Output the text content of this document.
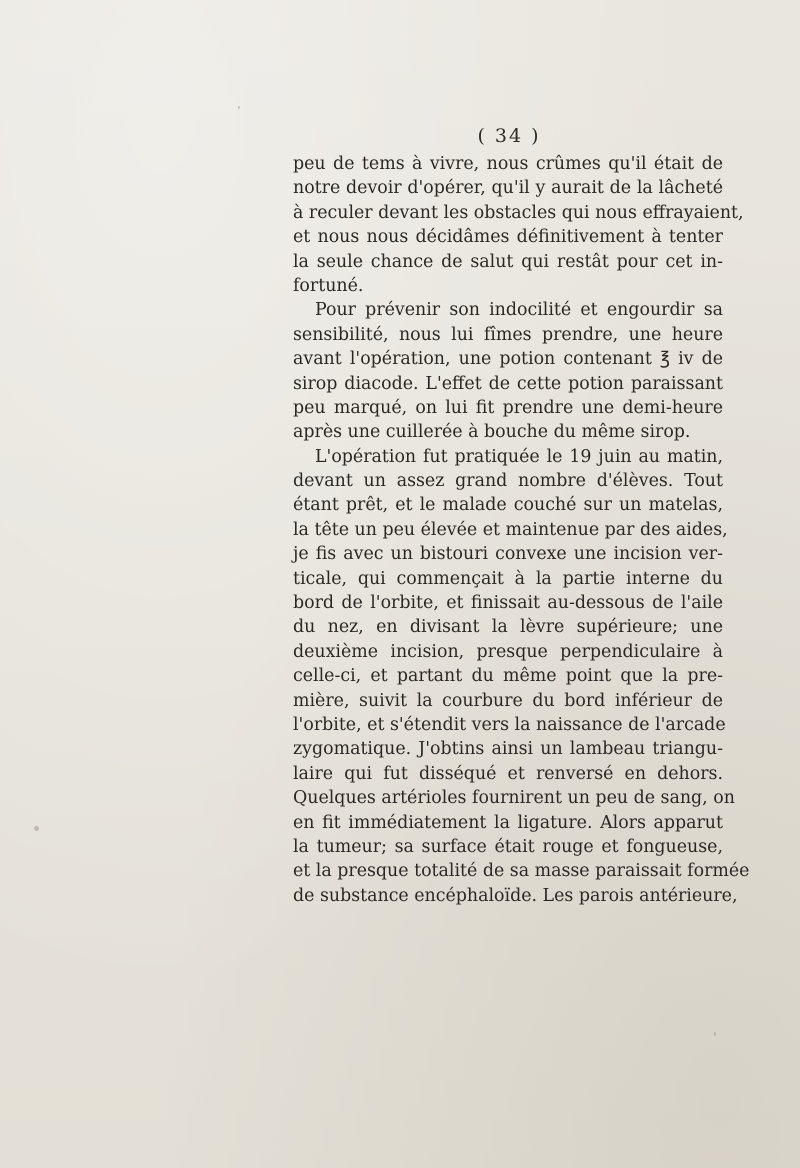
( 34 )
peu de tems à vivre, nous crûmes qu'il était de
notre devoir d'opérer, qu'il y aurait de la lâcheté
à reculer devant les obstacles qui nous effrayaient,
et nous nous décidâmes définitivement à tenter
la seule chance de salut qui restât pour cet in-
fortuné.
Pour prévenir son indocilité et engourdir sa
sensibilité, nous lui fîmes prendre, une heure
avant l'opération, une potion contenant ℥ iv de
sirop diacode. L'effet de cette potion paraissant
peu marqué, on lui fit prendre une demi-heure
après une cuillerée à bouche du même sirop.
L'opération fut pratiquée le 19 juin au matin,
devant un assez grand nombre d'élèves. Tout
étant prêt, et le malade couché sur un matelas,
la tête un peu élevée et maintenue par des aides,
je fis avec un bistouri convexe une incision ver-
ticale, qui commençait à la partie interne du
bord de l'orbite, et finissait au-dessous de l'aile
du nez, en divisant la lèvre supérieure; une
deuxième incision, presque perpendiculaire à
celle-ci, et partant du même point que la pre-
mière, suivit la courbure du bord inférieur de
l'orbite, et s'étendit vers la naissance de l'arcade
zygomatique. J'obtins ainsi un lambeau triangu-
laire qui fut disséqué et renversé en dehors.
Quelques artérioles fournirent un peu de sang, on
en fit immédiatement la ligature. Alors apparut
la tumeur; sa surface était rouge et fongueuse,
et la presque totalité de sa masse paraissait formée
de substance encéphaloïde. Les parois antérieure,
